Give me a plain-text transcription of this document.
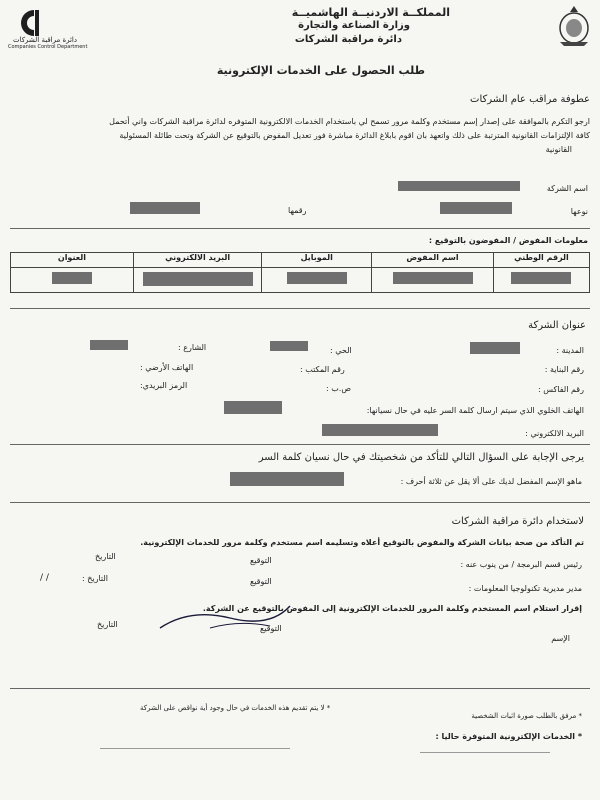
دائرة مراقبة الشركات
Companies Control Department
المملكــة الاردنيــة الهاشميــة
وزارة الصناعة والتجارة
دائرة مراقبة الشركات
طلب الحصول على الخدمات الإلكترونية
عطوفة مراقب عام الشركات
ارجو التكرم بالموافقة على إصدار إسم مستخدم وكلمة مرور تسمح لي باستخدام الخدمات الالكترونية المتوفره لدائرة مراقبة الشركات واني أتحمل
كافة الإلتزامات القانونية المترتبة على ذلك واتعهد بان اقوم بابلاغ الدائرة مباشرة فور تعديل المفوض بالتوقيع عن الشركة وتحت طائلة المسئولية
القانونية
اسم الشركة
نوعها
رقمها
معلومات المفوض / المفوضون بالتوقيع :
الرقم الوطني	اسم المفوض	الموبايل	البريد الالكتروني	العنوان

عنوان الشركة
المدينة :
الحي :
الشارع :
رقم البناية :
رقم المكتب :
الهاتف الأرضي :
رقم الفاكس :
ص.ب :
الرمز البريدي:
الهاتف الخلوي الذي سيتم ارسال كلمة السر عليه في حال نسيانها:
البريد الالكتروني :
يرجى الإجابة على السؤال التالي للتأكد من شخصيتك في حال نسيان كلمة السر
ماهو الإسم المفضل لديك على ألا يقل عن ثلاثة أحرف :
لاستخدام دائرة مراقبة الشركات
تم التأكد من صحة بيانات الشركة والمفوض بالتوقيع أعلاه وتسليمه اسم مستخدم وكلمة مرور للخدمات الإلكترونية.
رئيس قسم البرمجة / من ينوب عنه :
التوقيع
التاريخ
مدير مديرية تكنولوجيا المعلومات :
التوقيع
التاريخ :
/ /
إقرار استلام اسم المستخدم وكلمة المرور للخدمات الإلكترونية إلى المفوض بالتوقيع عن الشركة.
التوقيع
التاريخ
الإسم
* مرفق بالطلب صورة اثبات الشخصية
* لا يتم تقديم هذه الخدمات في حال وجود أية نواقص على الشركة
* الخدمات الإلكترونية المتوفرة حاليا :
